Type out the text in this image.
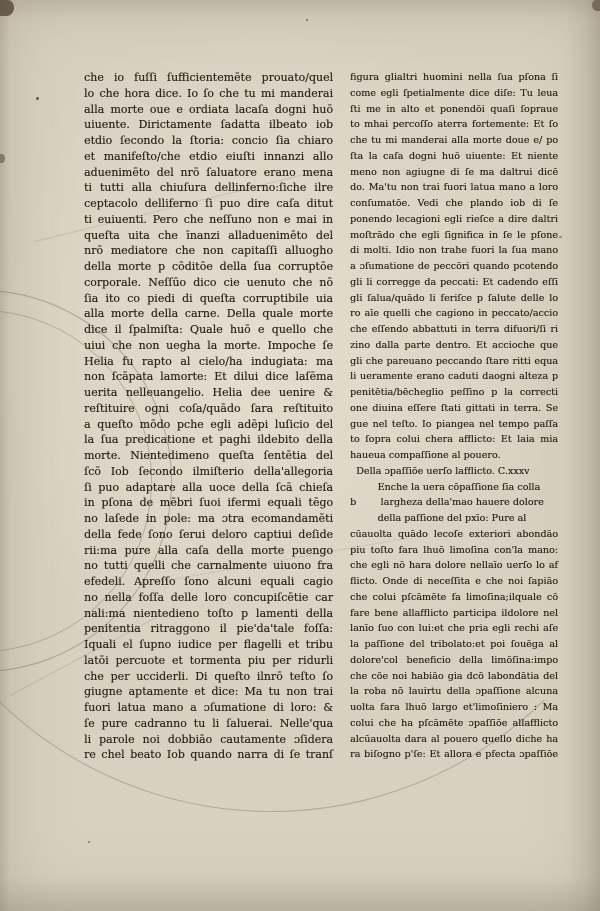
che io fuſſi ſufficientemēte prouato/quel
lo che hora dice. Io ſo che tu mi manderai
alla morte oue e ordiata lacaſa dogni huō
uiuente. Dirictamente ſadatta ilbeato iob
etdio ſecondo la ſtoria: concio ſia chiaro
et manifeſto/che etdio eiuſti innanzi allo
aduenimēto del nrō ſaluatore erano mena
ti tutti alla chiuſura dellinferno:ſiche ilre
ceptacolo delliferno ſi puo dire caſa ditut
ti euiuenti. Pero che neſſuno non e mai in
queſta uita che īnanzi alladuenimēto del
nrō mediatore che non capitaſſi alluogho
della morte p cōditōe della ſua corruptōe
corporale. Neſſūo dico cie uenuto che nō
ſia ito co piedi di queſta corruptibile uia
alla morte della carne. Della quale morte
dice il ſpalmiſta: Quale huō e quello che
uiui che non uegha la morte. Impoche ſe
Helia fu rapto al cielo/ha indugiata: ma
non ſcāpata lamorte: Et dilui dice laſēma
uerita nelleuangelio. Helia dee uenire &
reſtituire ogni coſa/quādo ſara reſtituito
a queſto mōdo pche egli adēpi luſicio del
la ſua predicatione et paghi ildebito della
morte. Nientedimeno queſta ſentētia del
ſcō Iob ſecondo ilmiſterio della'allegoria
ſi puo adaptare alla uoce della ſcā chieſa
in pſona de mēbri ſuoi ifermi equali tēgo
no laſede in pole: ma ɔtra ecomandamēti
della fede ſono ſerui deloro captiui deſide
rii:ma pure alla caſa della morte puengo
no tutti quelli che carnalmente uiuono fra
efedeli. Apreſſo ſono alcuni equali cagio
no nella foſſa delle loro concupiſcētie car
nali:ma nientedieno toſto p lamenti della
penitentia ritraggono il pie'da'tale foſſa:
Iquali el ſupno iudice per flagelli et tribu
latōi percuote et tormenta piu per ridurli
che per ucciderli. Di queſto ilnrō teſto ſo
giugne aptamente et dice: Ma tu non trai
fuori latua mano a ɔſumatione di loro: &
ſe pure cadranno tu li ſaluerai. Nelle'qua
li parole noi dobbiāo cautamente ɔſidera
re chel beato Iob quando narra di ſe tranſ
figura glialtri huomini nella ſua pſona ſi
come egli ſpetialmente dice diſe: Tu leua
ſti me in alto et ponendōi quaſi ſopraue
to mhai percoſſo aterra fortemente: Et ſo
che tu mi manderai alla morte doue e/ po
ſta la caſa dogni huō uiuente: Et niente
meno non agiugne di ſe ma daltrui dicē
do. Ma'tu non trai fuori latua mano a loro
conſumatōe. Vedi che plando iob di ſe
ponendo lecagioni egli rieſce a dire daltri
moſtrādo che egli ſignifica in ſe le pſone
di molti. Idio non trahe fuori la ſua mano
a ɔſumatione de peccōri quando pcotendo
gli li corregge da peccati: Et cadendo eſſi
gli ſalua/quādo li feriſce p ſalute delle lo
ro aīe quelli che cagiono in peccato/accio
che eſſendo abbattuti in terra difuori/ſi ri
zino dalla parte dentro. Et accioche que
gli che pareuano peccando ſtare ritti equa
li ueramente erano caduti daogni alteza p
penitētia/bēcheglio peſſino p la correcti
one diuina eſſere ſtati gittati in terra. Se
gue nel teſto. Io piangea nel tempo paſſa
to ſopra colui chera afflicto: Et laia mia
haueua compaſſione al pouero.
Della ɔpaſſiōe uerſo lafflicto. C.xxxv
Enche la uera cōpaſſione ſia colla
b        largheza della'mao hauere dolore
della paſſione del pxīo: Pure al
cūauolta quādo lecoſe exteriori abondāo
piu toſto fara lhuō limoſina con'la mano:
che egli nō hara dolore nellaīo uerſo lo af
flicto. Onde di neceſſita e che noi ſapiāo
che colui pſcāmēte fa limoſina;ilquale cō
fare bene allafflicto participa ildolore nel
lanīo ſuo con lui:et che pria egli rechi aſe
la paſſione del tribolato:et poi ſouēga al
dolore'col beneficio della limōſina:impo
che cōe noi habiāo gia dcō labondātia del
la roba nō lauirtu della ɔpaſſione alcuna
uolta fara lhuō largo et'limoſiniero : Ma
colui che ha pſcāmēte ɔpaſſiōe allafflicto
alcūauolta dara al pouero quello diche ha
ra biſogno p'ſe: Et allora e pfecta ɔpaſſiōe
